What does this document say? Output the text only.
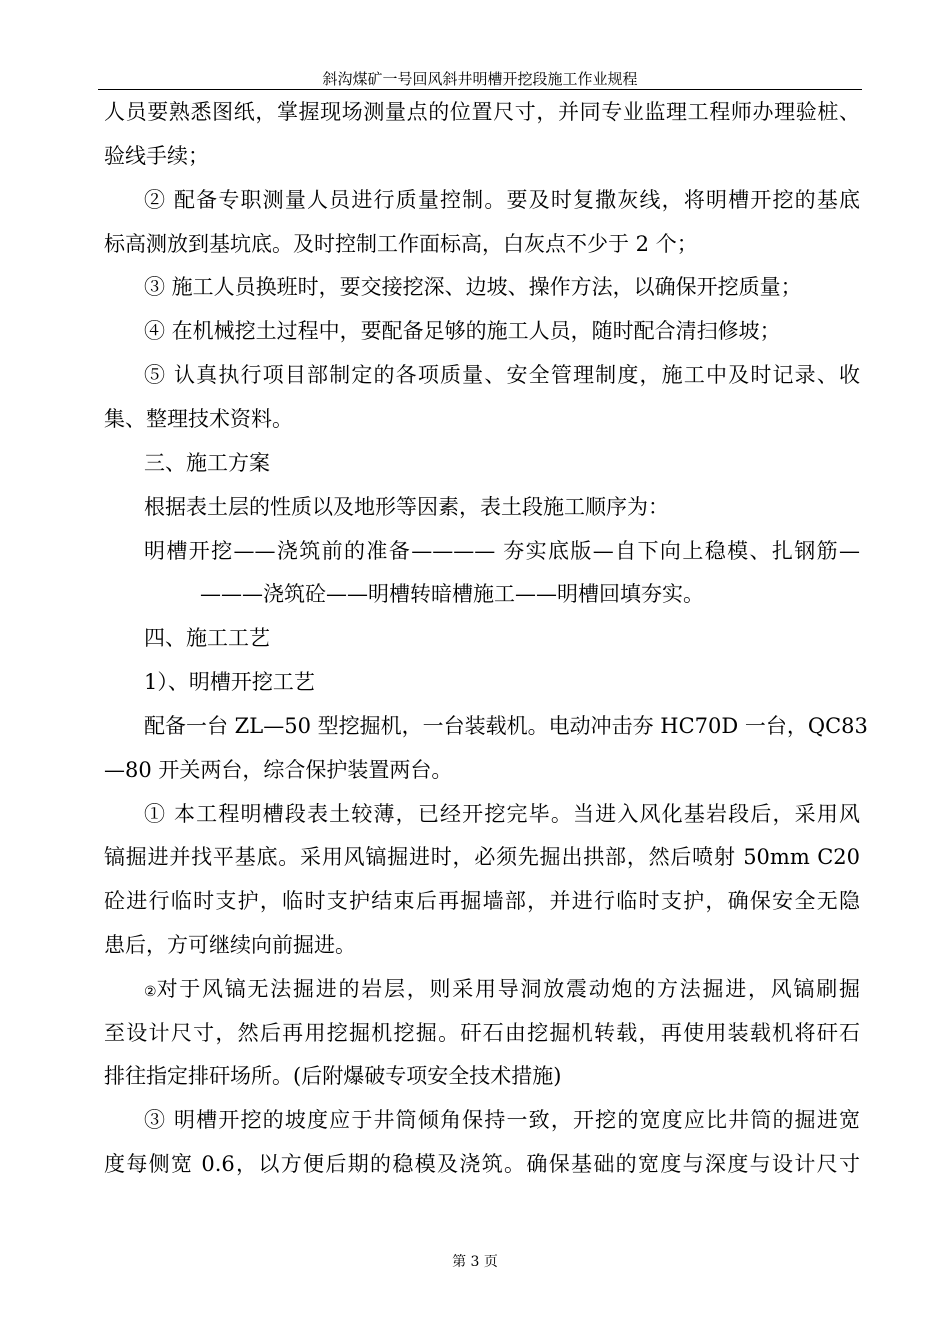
斜沟煤矿一号回风斜井明槽开挖段施工作业规程
人员要熟悉图纸，掌握现场测量点的位置尺寸，并同专业监理工程师办理验桩、
验线手续；
② 配备专职测量人员进行质量控制。要及时复撒灰线，将明槽开挖的基底
标高测放到基坑底。及时控制工作面标高，白灰点不少于 2 个；
③ 施工人员换班时，要交接挖深、边坡、操作方法，以确保开挖质量；
④ 在机械挖土过程中，要配备足够的施工人员，随时配合清扫修坡；
⑤ 认真执行项目部制定的各项质量、安全管理制度，施工中及时记录、收
集、整理技术资料。
三、施工方案
根据表土层的性质以及地形等因素，表土段施工顺序为：
明槽开挖——浇筑前的准备———— 夯实底版—自下向上稳模、扎钢筋—
———浇筑砼——明槽转暗槽施工——明槽回填夯实。
四、施工工艺
1）、明槽开挖工艺
配备一台 ZL—50 型挖掘机，一台装载机。电动冲击夯 HC70D 一台，QC83
—80 开关两台，综合保护装置两台。
① 本工程明槽段表土较薄，已经开挖完毕。当进入风化基岩段后，采用风
镐掘进并找平基底。采用风镐掘进时，必须先掘出拱部，然后喷射 50mm C20
砼进行临时支护，临时支护结束后再掘墙部，并进行临时支护，确保安全无隐
患后，方可继续向前掘进。
② 对于风镐无法掘进的岩层，则采用导洞放震动炮的方法掘进，风镐刷掘
至设计尺寸，然后再用挖掘机挖掘。矸石由挖掘机转载，再使用装载机将矸石
排往指定排矸场所。(后附爆破专项安全技术措施)
③ 明槽开挖的坡度应于井筒倾角保持一致，开挖的宽度应比井筒的掘进宽
度每侧宽 0.6，以方便后期的稳模及浇筑。确保基础的宽度与深度与设计尺寸
第 3 页
